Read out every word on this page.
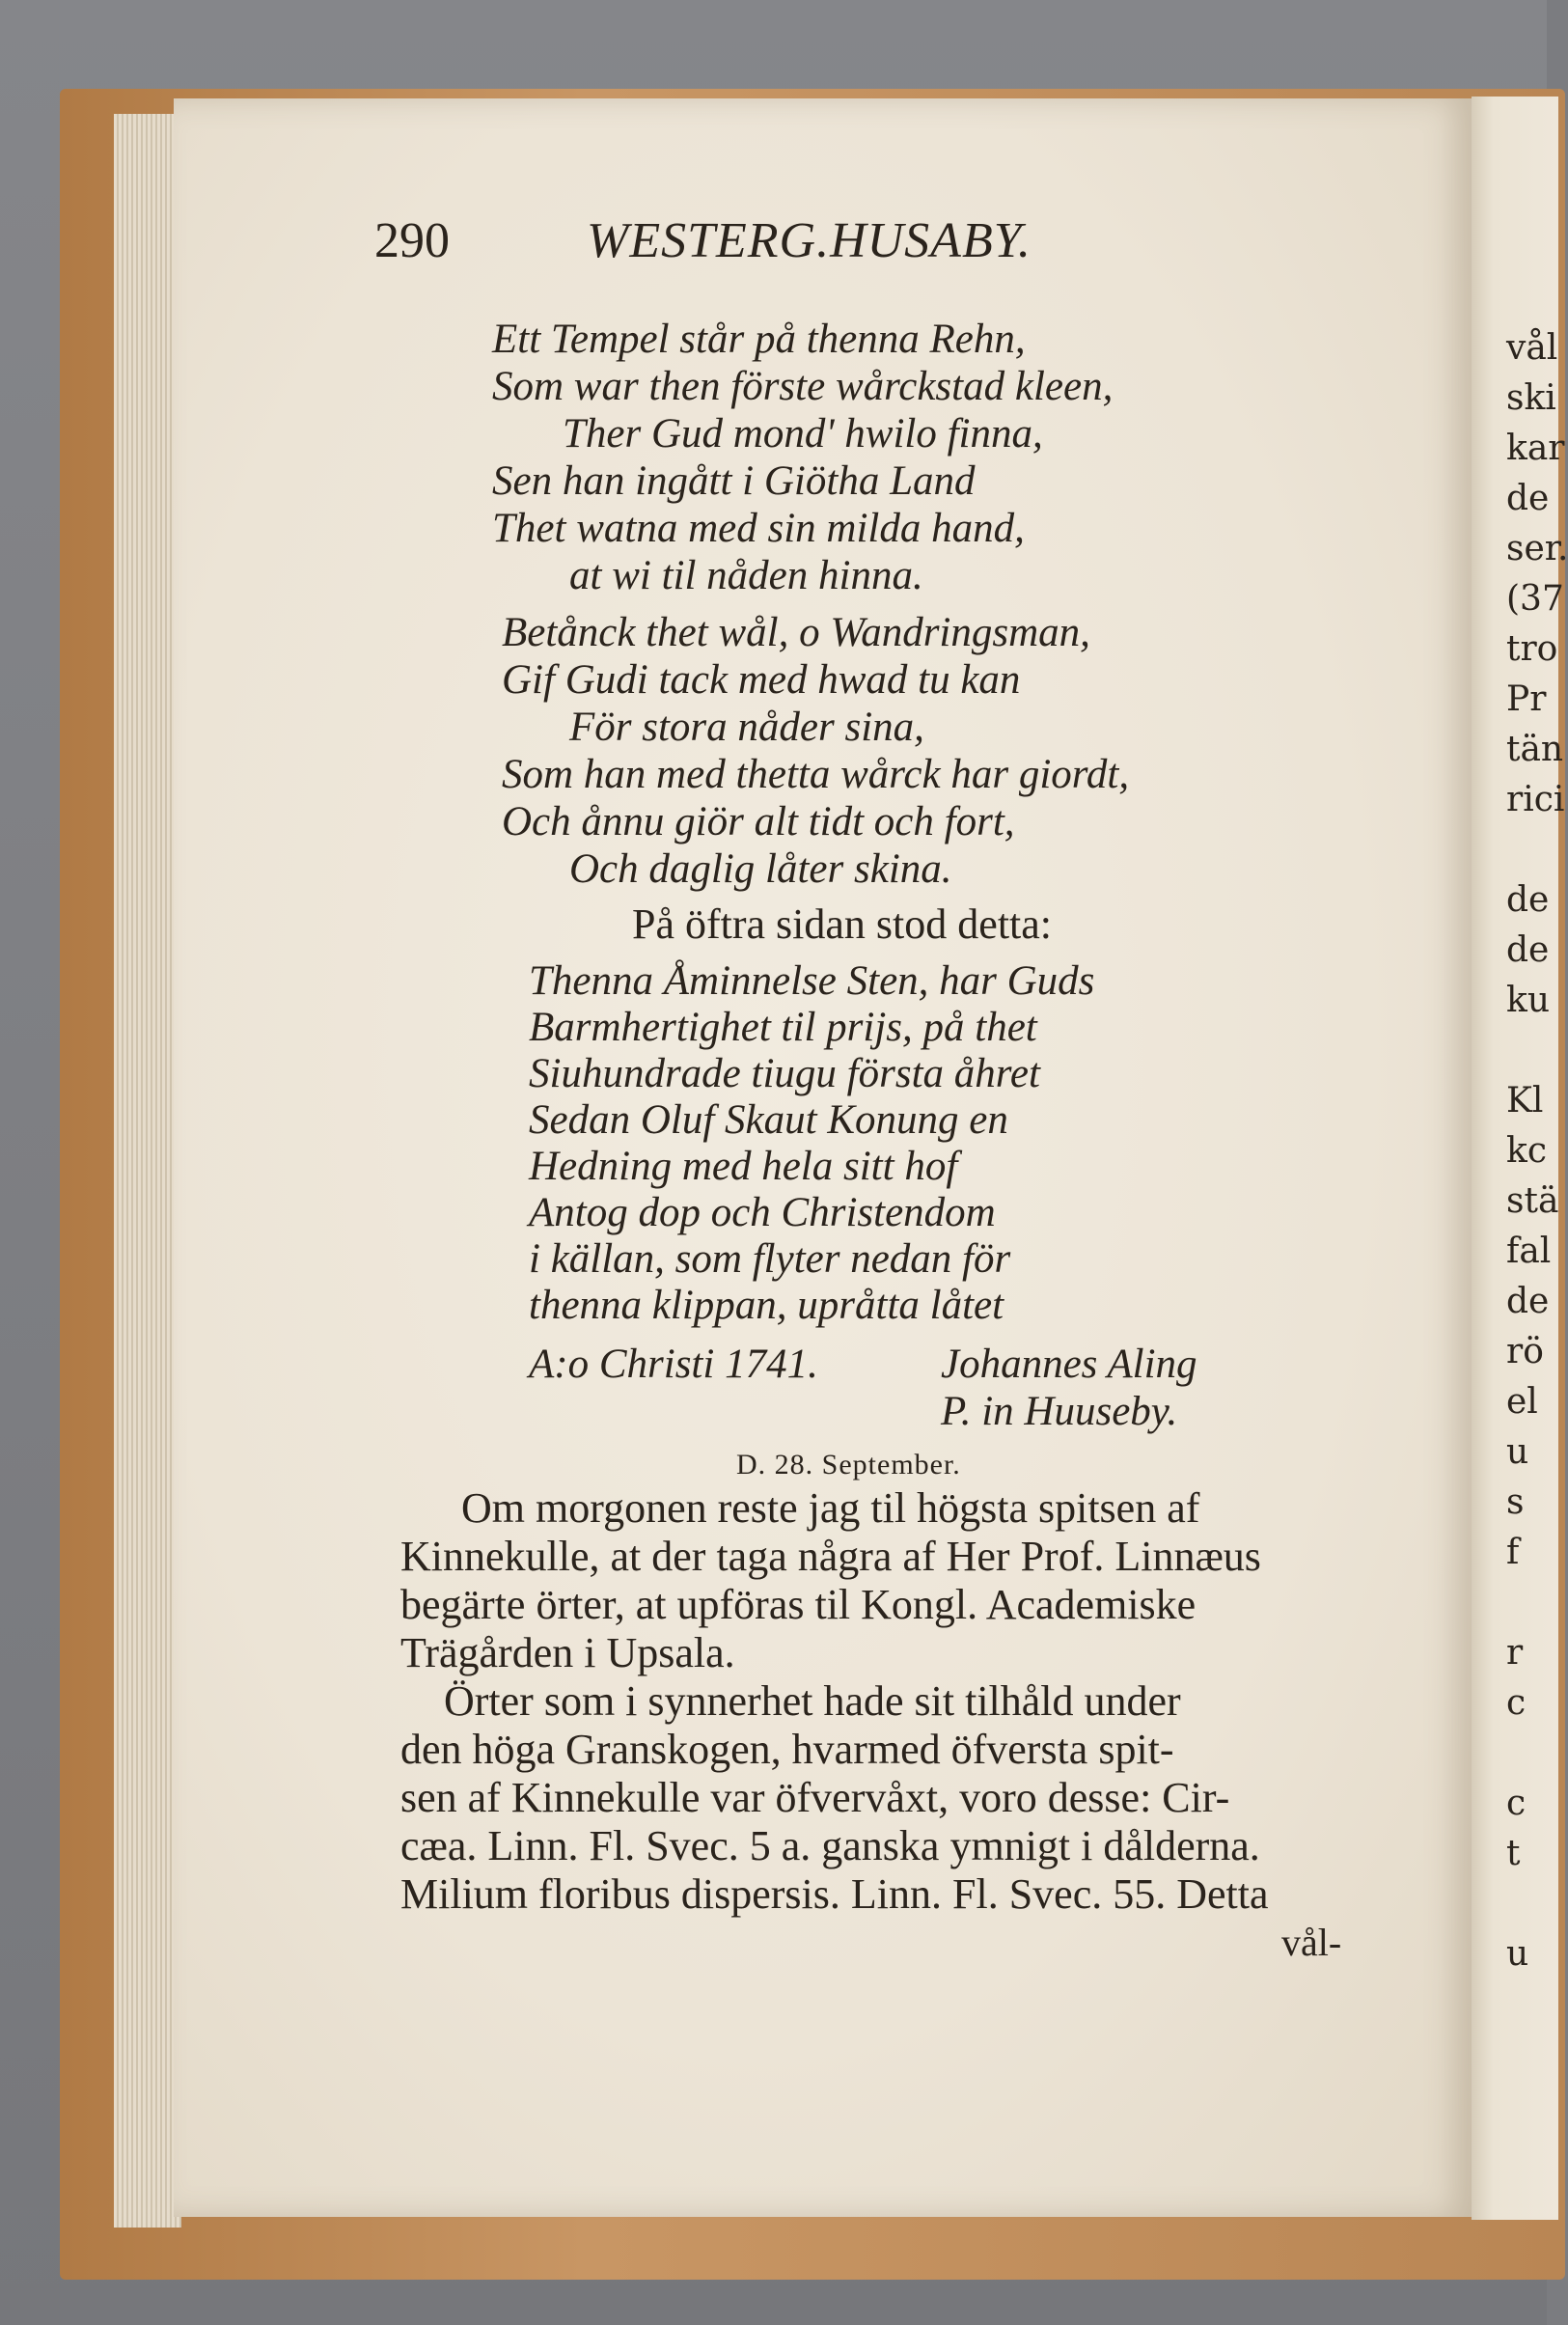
vål
ski
kar
de
ser.
(37
tro
Pr
tän
rici
de
de
ku
Kl
kc
stä
fal
de
rö
el
u
s
f
r
c
c
t
u
290	WESTERG.HUSABY.
Ett Tempel står på thenna Rehn,
Som war then förste wårckstad kleen,
Ther Gud mond' hwilo finna,
Sen han ingått i Giötha Land
Thet watna med sin milda hand,
at wi til nåden hinna.
Betånck thet wål, o Wandringsman,
Gif Gudi tack med hwad tu kan
För stora nåder sina,
Som han med thetta wårck har giordt,
Och ånnu giör alt tidt och fort,
Och daglig låter skina.
På öftra sidan stod detta:
Thenna Åminnelse Sten, har Guds
Barmhertighet til prijs, på thet
Siuhundrade tiugu första åhret
Sedan Oluf Skaut Konung en
Hedning med hela sitt hof
Antog dop och Christendom
i källan, som flyter nedan för
thenna klippan, upråtta låtet
A:o Christi 1741.	Johannes Aling
P. in Huuseby.
D. 28. September.
Om morgonen reste jag til högsta spitsen af
Kinnekulle, at der taga några af Her Prof. Linnæus
begärte örter, at upföras til Kongl. Academiske
Trägården i Upsala.
Örter som i synnerhet hade sit tilhåld under
den höga Granskogen, hvarmed öfversta spit-
sen af Kinnekulle var öfvervåxt, voro desse: Cir-
cæa. Linn. Fl. Svec. 5 a. ganska ymnigt i dålderna.
Milium floribus dispersis. Linn. Fl. Svec. 55. Detta
vål-
